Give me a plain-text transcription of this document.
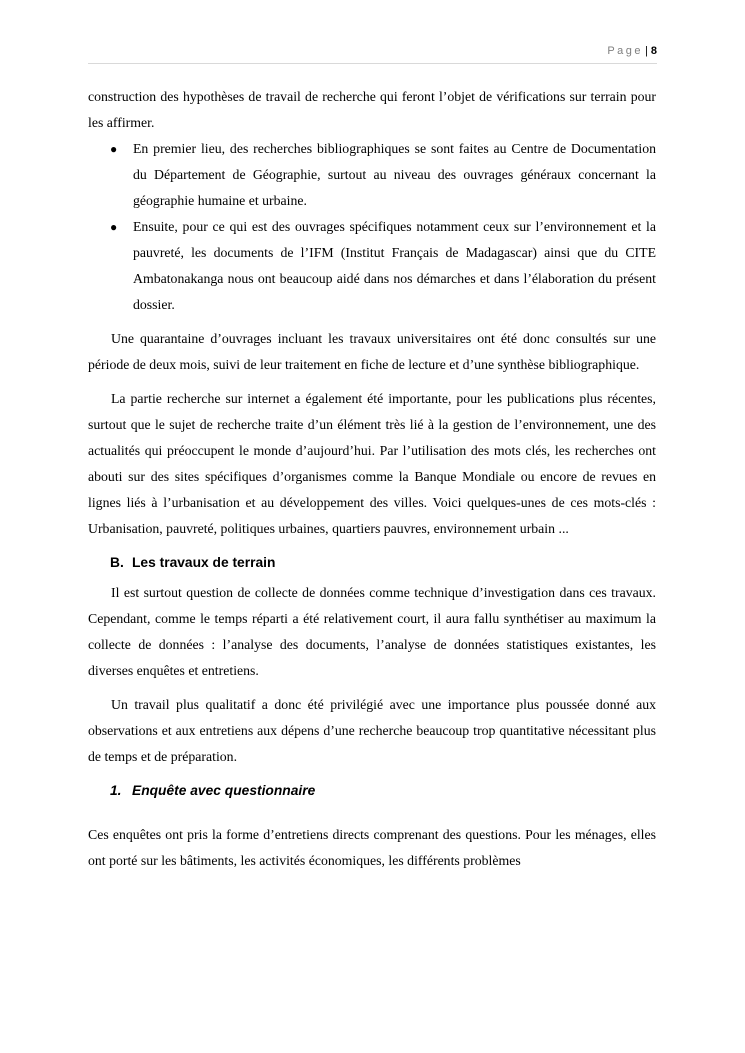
Page | 8

construction des hypothèses de travail de recherche qui feront l’objet de vérifications sur terrain pour les affirmer.

● En premier lieu, des recherches bibliographiques se sont faites au Centre de Documentation du Département de Géographie, surtout au niveau des ouvrages généraux concernant la géographie humaine et urbaine.
● Ensuite, pour ce qui est des ouvrages spécifiques notamment ceux sur l’environnement et la pauvreté, les documents de l’IFM (Institut Français de Madagascar) ainsi que du CITE Ambatonakanga nous ont beaucoup aidé dans nos démarches et dans l’élaboration du présent dossier.

Une quarantaine d’ouvrages incluant les travaux universitaires ont été donc consultés sur une période de deux mois, suivi de leur traitement en fiche de lecture et d’une synthèse bibliographique.

La partie recherche sur internet a également été importante, pour les publications plus récentes, surtout que le sujet de recherche traite d’un élément très lié à la gestion de l’environnement, une des actualités qui préoccupent le monde d’aujourd’hui. Par l’utilisation des mots clés, les recherches ont abouti sur des sites spécifiques d’organismes comme la Banque Mondiale ou encore de revues en lignes liés à l’urbanisation et au développement des villes. Voici quelques-unes de ces mots-clés : Urbanisation, pauvreté, politiques urbaines, quartiers pauvres, environnement urbain ...

B. Les travaux de terrain

Il est surtout question de collecte de données comme technique d’investigation dans ces travaux. Cependant, comme le temps réparti a été relativement court, il aura fallu synthétiser au maximum la collecte de données : l’analyse des documents, l’analyse de données statistiques existantes, les diverses enquêtes et entretiens.

Un travail plus qualitatif a donc été privilégié avec une importance plus poussée donné aux observations et aux entretiens aux dépens d’une recherche beaucoup trop quantitative nécessitant plus de temps et de préparation.

1. Enquête avec questionnaire

Ces enquêtes ont pris la forme d’entretiens directs comprenant des questions. Pour les ménages, elles ont porté sur les bâtiments, les activités économiques, les différents problèmes
